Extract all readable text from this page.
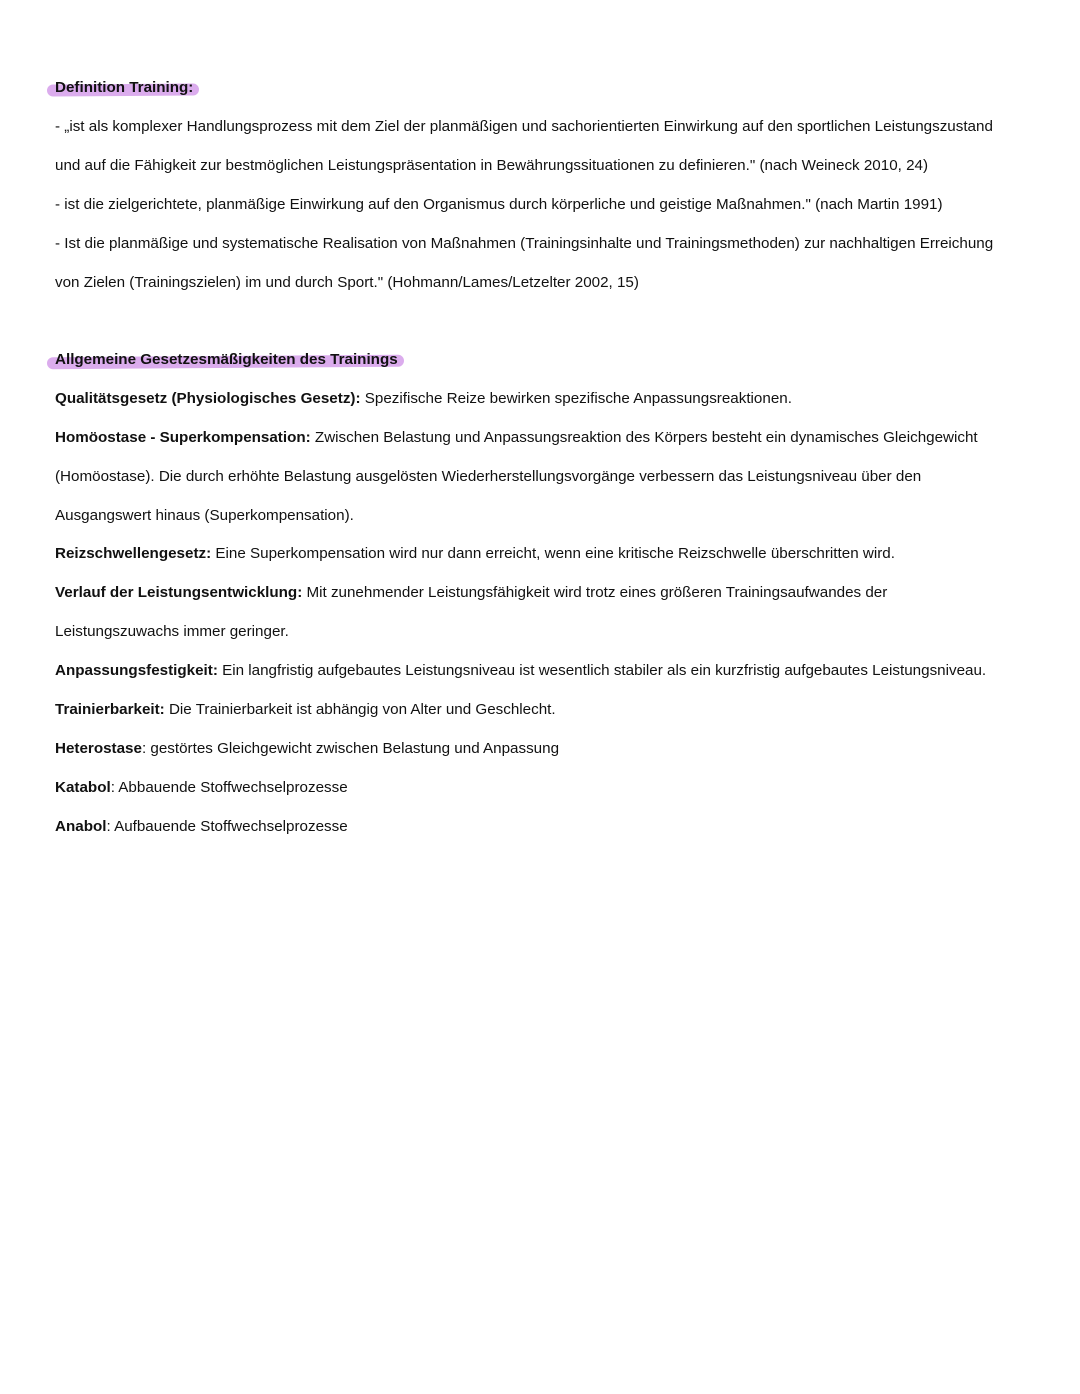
Definition Training:
- „ist als komplexer Handlungsprozess mit dem Ziel der planmäßigen und sachorientierten Einwirkung auf den sportlichen Leistungszustand
und auf die Fähigkeit zur bestmöglichen Leistungspräsentation in Bewährungssituationen zu definieren." (nach Weineck 2010, 24)
- ist die zielgerichtete, planmäßige Einwirkung auf den Organismus durch körperliche und geistige Maßnahmen." (nach Martin 1991)
- Ist die planmäßige und systematische Realisation von Maßnahmen (Trainingsinhalte und Trainingsmethoden) zur nachhaltigen Erreichung
von Zielen (Trainingszielen) im und durch Sport." (Hohmann/Lames/Letzelter 2002, 15)
Allgemeine Gesetzesmäßigkeiten des Trainings
Qualitätsgesetz (Physiologisches Gesetz): Spezifische Reize bewirken spezifische Anpassungsreaktionen.
Homöostase - Superkompensation: Zwischen Belastung und Anpassungsreaktion des Körpers besteht ein dynamisches Gleichgewicht
(Homöostase). Die durch erhöhte Belastung ausgelösten Wiederherstellungsvorgänge verbessern das Leistungsniveau über den
Ausgangswert hinaus (Superkompensation).
Reizschwellengesetz: Eine Superkompensation wird nur dann erreicht, wenn eine kritische Reizschwelle überschritten wird.
Verlauf der Leistungsentwicklung: Mit zunehmender Leistungsfähigkeit wird trotz eines größeren Trainingsaufwandes der
Leistungszuwachs immer geringer.
Anpassungsfestigkeit: Ein langfristig aufgebautes Leistungsniveau ist wesentlich stabiler als ein kurzfristig aufgebautes Leistungsniveau.
Trainierbarkeit: Die Trainierbarkeit ist abhängig von Alter und Geschlecht.
Heterostase: gestörtes Gleichgewicht zwischen Belastung und Anpassung
Katabol: Abbauende Stoffwechselprozesse
Anabol: Aufbauende Stoffwechselprozesse
